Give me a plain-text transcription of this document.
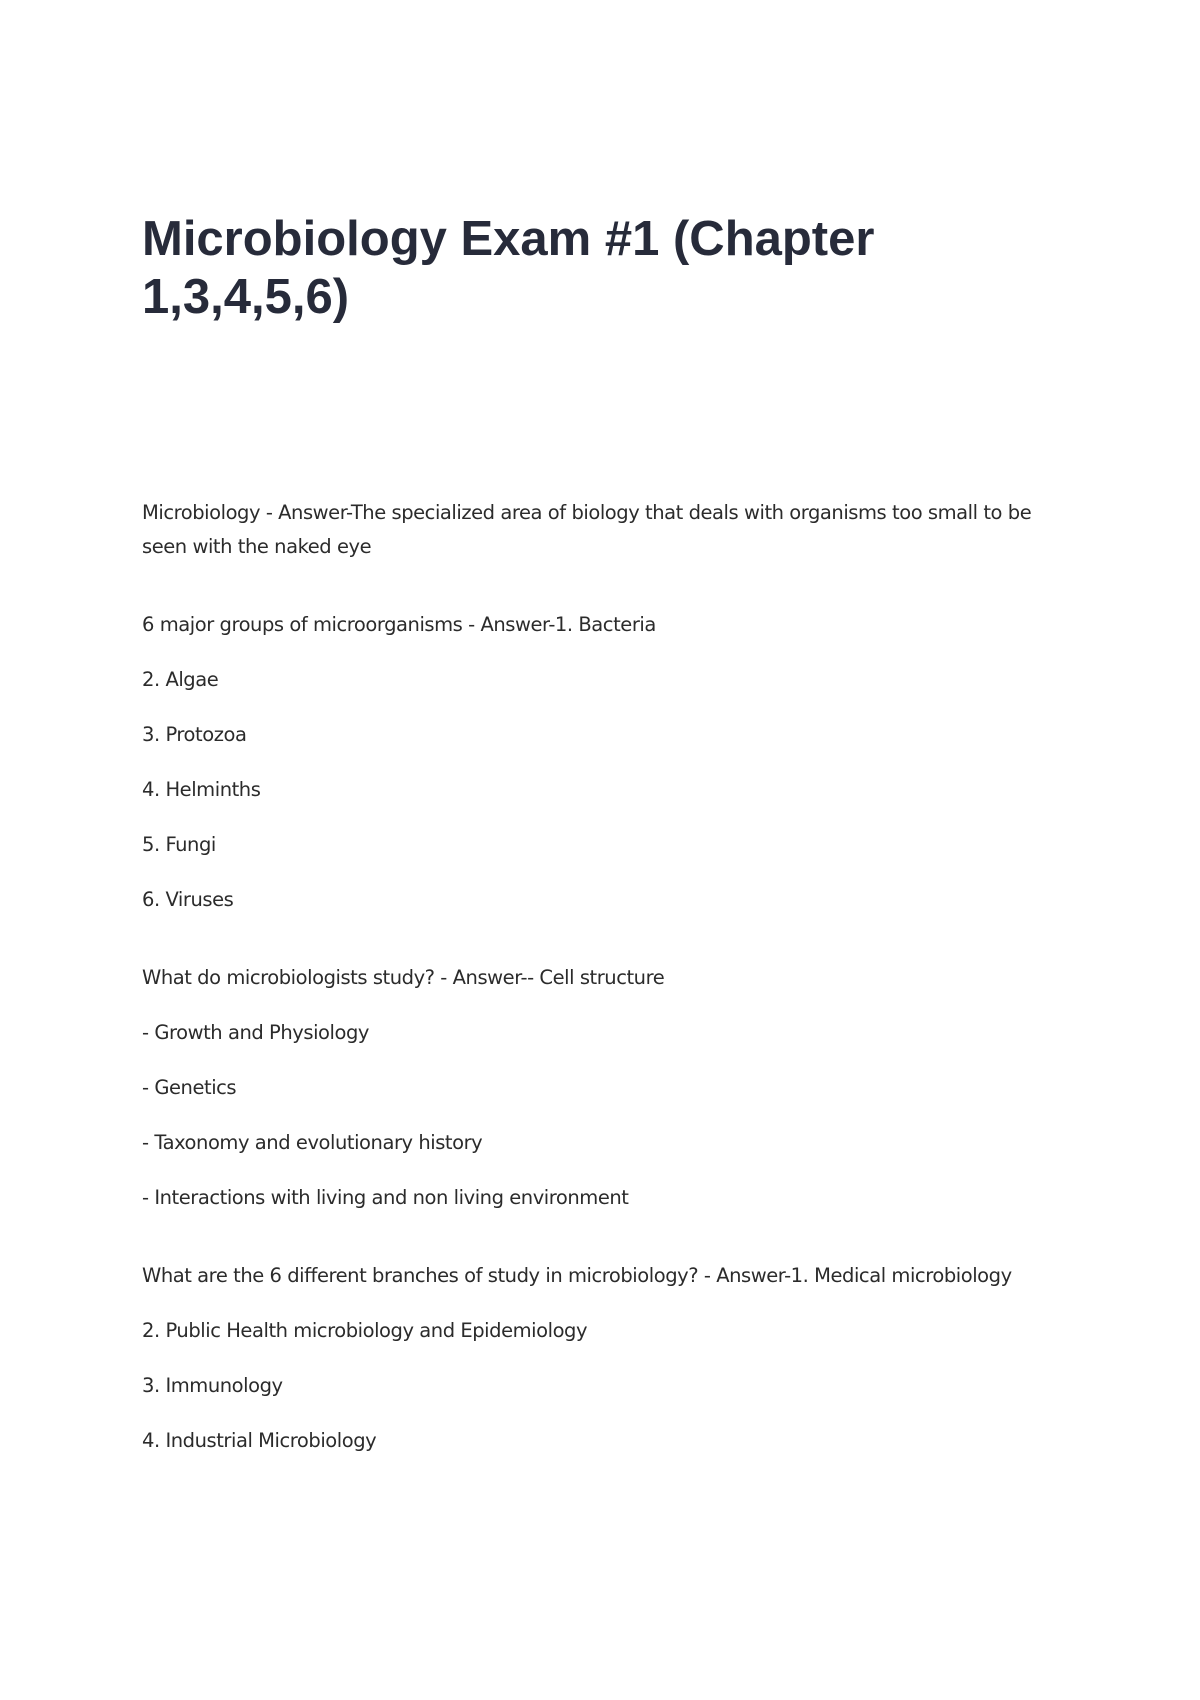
Microbiology Exam #1 (Chapter 1,3,4,5,6)

Microbiology - Answer-The specialized area of biology that deals with organisms too small to be seen with the naked eye

6 major groups of microorganisms - Answer-1. Bacteria

2. Algae

3. Protozoa

4. Helminths

5. Fungi

6. Viruses

What do microbiologists study? - Answer-- Cell structure

- Growth and Physiology

- Genetics

- Taxonomy and evolutionary history

- Interactions with living and non living environment

What are the 6 different branches of study in microbiology? - Answer-1. Medical microbiology

2. Public Health microbiology and Epidemiology

3. Immunology

4. Industrial Microbiology
